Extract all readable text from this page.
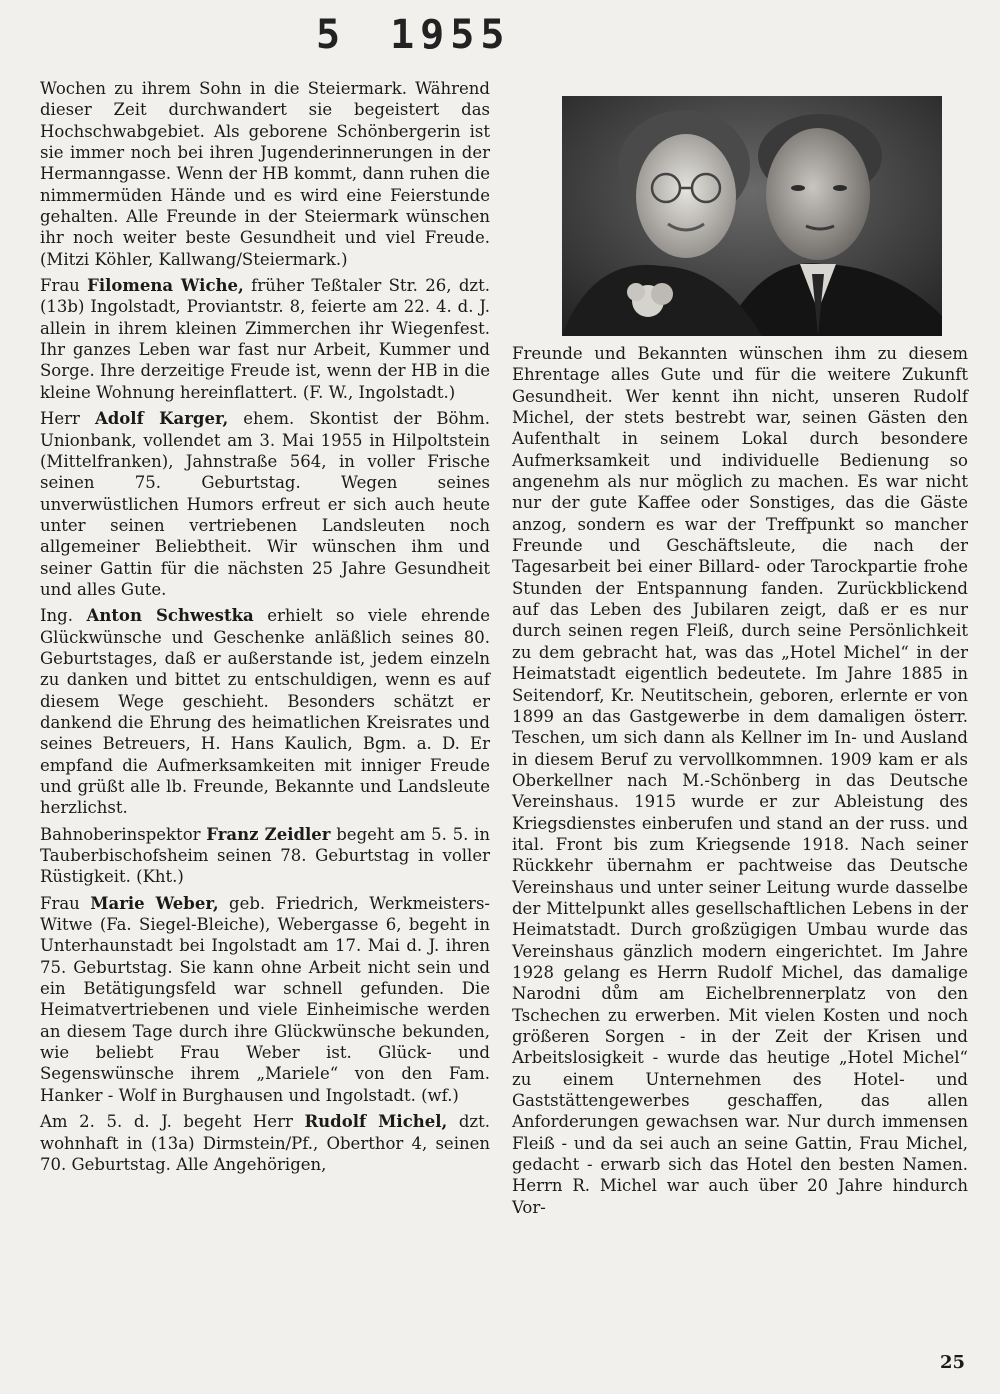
5 1955

Wochen zu ihrem Sohn in die Steiermark. Während dieser Zeit durchwandert sie begeistert das Hochschwabgebiet. Als geborene Schönbergerin ist sie immer noch bei ihren Jugenderinnerungen in der Hermanngasse. Wenn der HB kommt, dann ruhen die nimmermüden Hände und es wird eine Feierstunde gehalten. Alle Freunde in der Steiermark wünschen ihr noch weiter beste Gesundheit und viel Freude. (Mitzi Köhler, Kallwang/Steiermark.)

Frau Filomena Wiche, früher Teßtaler Str. 26, dzt. (13b) Ingolstadt, Proviantstr. 8, feierte am 22. 4. d. J. allein in ihrem kleinen Zimmerchen ihr Wiegenfest. Ihr ganzes Leben war fast nur Arbeit, Kummer und Sorge. Ihre derzeitige Freude ist, wenn der HB in die kleine Wohnung hereinflattert. (F. W., Ingolstadt.)

Herr Adolf Karger, ehem. Skontist der Böhm. Unionbank, vollendet am 3. Mai 1955 in Hilpoltstein (Mittelfranken), Jahnstraße 564, in voller Frische seinen 75. Geburtstag. Wegen seines unverwüstlichen Humors erfreut er sich auch heute unter seinen vertriebenen Landsleuten noch allgemeiner Beliebtheit. Wir wünschen ihm und seiner Gattin für die nächsten 25 Jahre Gesundheit und alles Gute.

Ing. Anton Schwestka erhielt so viele ehrende Glückwünsche und Geschenke anläßlich seines 80. Geburtstages, daß er außerstande ist, jedem einzeln zu danken und bittet zu entschuldigen, wenn es auf diesem Wege geschieht. Besonders schätzt er dankend die Ehrung des heimatlichen Kreisrates und seines Betreuers, H. Hans Kaulich, Bgm. a. D. Er empfand die Aufmerksamkeiten mit inniger Freude und grüßt alle lb. Freunde, Bekannte und Landsleute herzlichst.

Bahnoberinspektor Franz Zeidler begeht am 5. 5. in Tauberbischofsheim seinen 78. Geburtstag in voller Rüstigkeit. (Kht.)

Frau Marie Weber, geb. Friedrich, Werkmeisters-Witwe (Fa. Siegel-Bleiche), Webergasse 6, begeht in Unterhaunstadt bei Ingolstadt am 17. Mai d. J. ihren 75. Geburtstag. Sie kann ohne Arbeit nicht sein und ein Betätigungsfeld war schnell gefunden. Die Heimatvertriebenen und viele Einheimische werden an diesem Tage durch ihre Glückwünsche bekunden, wie beliebt Frau Weber ist. Glück- und Segenswünsche ihrem „Mariele“ von den Fam. Hanker - Wolf in Burghausen und Ingolstadt. (wf.)

Am 2. 5. d. J. begeht Herr Rudolf Michel, dzt. wohnhaft in (13a) Dirmstein/Pf., Oberthor 4, seinen 70. Geburtstag. Alle Angehörigen,

Freunde und Bekannten wünschen ihm zu diesem Ehrentage alles Gute und für die weitere Zukunft Gesundheit. Wer kennt ihn nicht, unseren Rudolf Michel, der stets bestrebt war, seinen Gästen den Aufenthalt in seinem Lokal durch besondere Aufmerksamkeit und individuelle Bedienung so angenehm als nur möglich zu machen. Es war nicht nur der gute Kaffee oder Sonstiges, das die Gäste anzog, sondern es war der Treffpunkt so mancher Freunde und Geschäftsleute, die nach der Tagesarbeit bei einer Billard- oder Tarockpartie frohe Stunden der Entspannung fanden. Zurückblickend auf das Leben des Jubilaren zeigt, daß er es nur durch seinen regen Fleiß, durch seine Persönlichkeit zu dem gebracht hat, was das „Hotel Michel“ in der Heimatstadt eigentlich bedeutete. Im Jahre 1885 in Seitendorf, Kr. Neutitschein, geboren, erlernte er von 1899 an das Gastgewerbe in dem damaligen österr. Teschen, um sich dann als Kellner im In- und Ausland in diesem Beruf zu vervollkommnen. 1909 kam er als Oberkellner nach M.-Schönberg in das Deutsche Vereinshaus. 1915 wurde er zur Ableistung des Kriegsdienstes einberufen und stand an der russ. und ital. Front bis zum Kriegsende 1918. Nach seiner Rückkehr übernahm er pachtweise das Deutsche Vereinshaus und unter seiner Leitung wurde dasselbe der Mittelpunkt alles gesellschaftlichen Lebens in der Heimatstadt. Durch großzügigen Umbau wurde das Vereinshaus gänzlich modern eingerichtet. Im Jahre 1928 gelang es Herrn Rudolf Michel, das damalige Narodni dům am Eichelbrennerplatz von den Tschechen zu erwerben. Mit vielen Kosten und noch größeren Sorgen - in der Zeit der Krisen und Arbeitslosigkeit - wurde das heutige „Hotel Michel“ zu einem Unternehmen des Hotel- und Gaststättengewerbes geschaffen, das allen Anforderungen gewachsen war. Nur durch immensen Fleiß - und da sei auch an seine Gattin, Frau Michel, gedacht - erwarb sich das Hotel den besten Namen. Herrn R. Michel war auch über 20 Jahre hindurch Vor-

25
